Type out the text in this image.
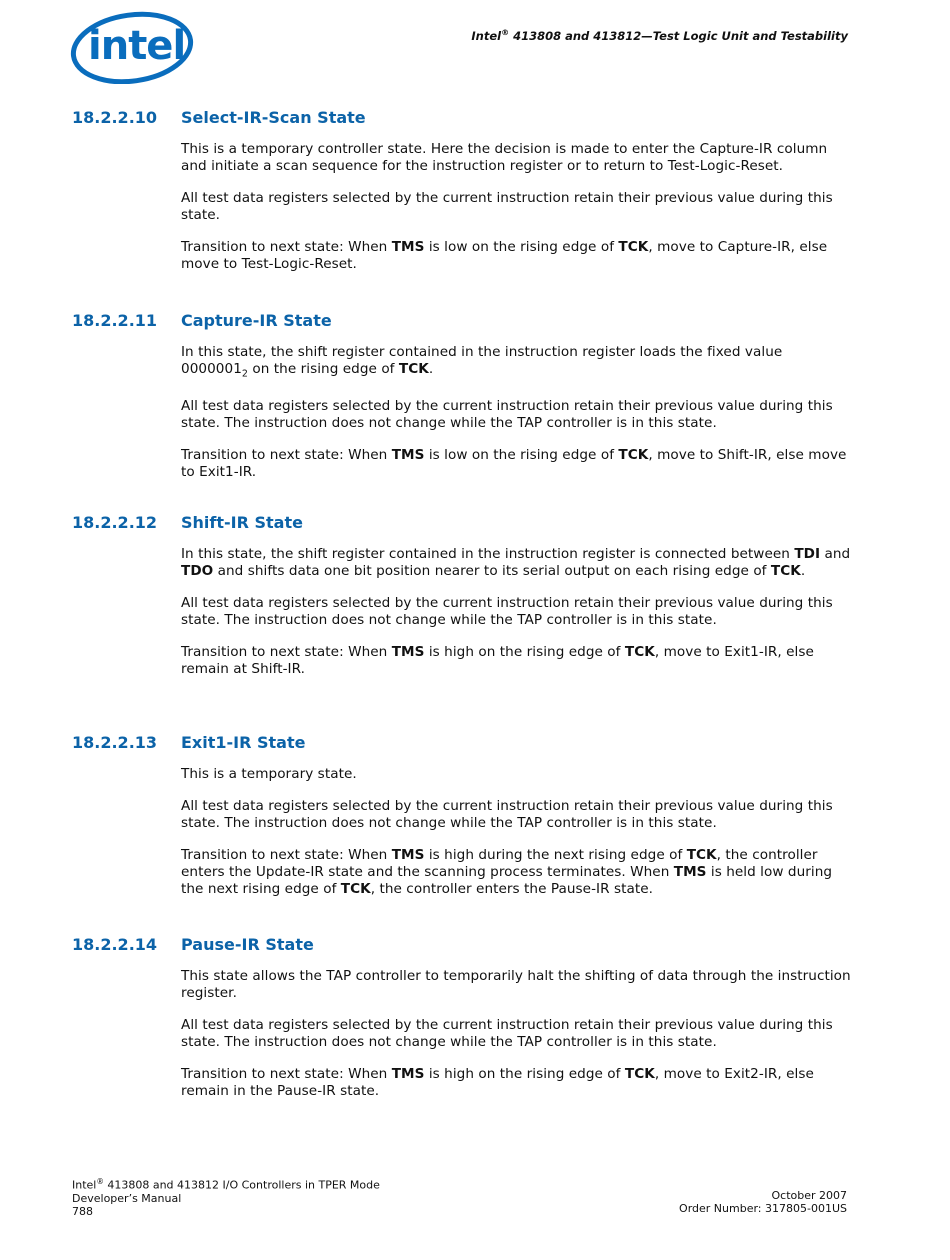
intel	Intel® 413808 and 413812—Test Logic Unit and Testability
18.2.2.10 Select-IR-Scan State

This is a temporary controller state. Here the decision is made to enter the Capture-IR column and initiate a scan sequence for the instruction register or to return to Test-Logic-Reset.

All test data registers selected by the current instruction retain their previous value during this state.

Transition to next state: When TMS is low on the rising edge of TCK, move to Capture-IR, else move to Test-Logic-Reset.

18.2.2.11 Capture-IR State

In this state, the shift register contained in the instruction register loads the fixed value $0000001_2$ on the rising edge of TCK.

All test data registers selected by the current instruction retain their previous value during this state. The instruction does not change while the TAP controller is in this state.

Transition to next state: When TMS is low on the rising edge of TCK, move to Shift-IR, else move to Exit1-IR.

18.2.2.12 Shift-IR State

In this state, the shift register contained in the instruction register is connected between TDI and TDO and shifts data one bit position nearer to its serial output on each rising edge of TCK.

All test data registers selected by the current instruction retain their previous value during this state. The instruction does not change while the TAP controller is in this state.

Transition to next state: When TMS is high on the rising edge of TCK, move to Exit1-IR, else remain at Shift-IR.

18.2.2.13 Exit1-IR State

This is a temporary state.

All test data registers selected by the current instruction retain their previous value during this state. The instruction does not change while the TAP controller is in this state.

Transition to next state: When TMS is high during the next rising edge of TCK, the controller enters the Update-IR state and the scanning process terminates. When TMS is held low during the next rising edge of TCK, the controller enters the Pause-IR state.

18.2.2.14 Pause-IR State

This state allows the TAP controller to temporarily halt the shifting of data through the instruction register.

All test data registers selected by the current instruction retain their previous value during this state. The instruction does not change while the TAP controller is in this state.

Transition to next state: When TMS is high on the rising edge of TCK, move to Exit2-IR, else remain in the Pause-IR state.

Intel® 413808 and 413812 I/O Controllers in TPER Mode
Developer’s Manual
788
October 2007
Order Number: 317805-001US
